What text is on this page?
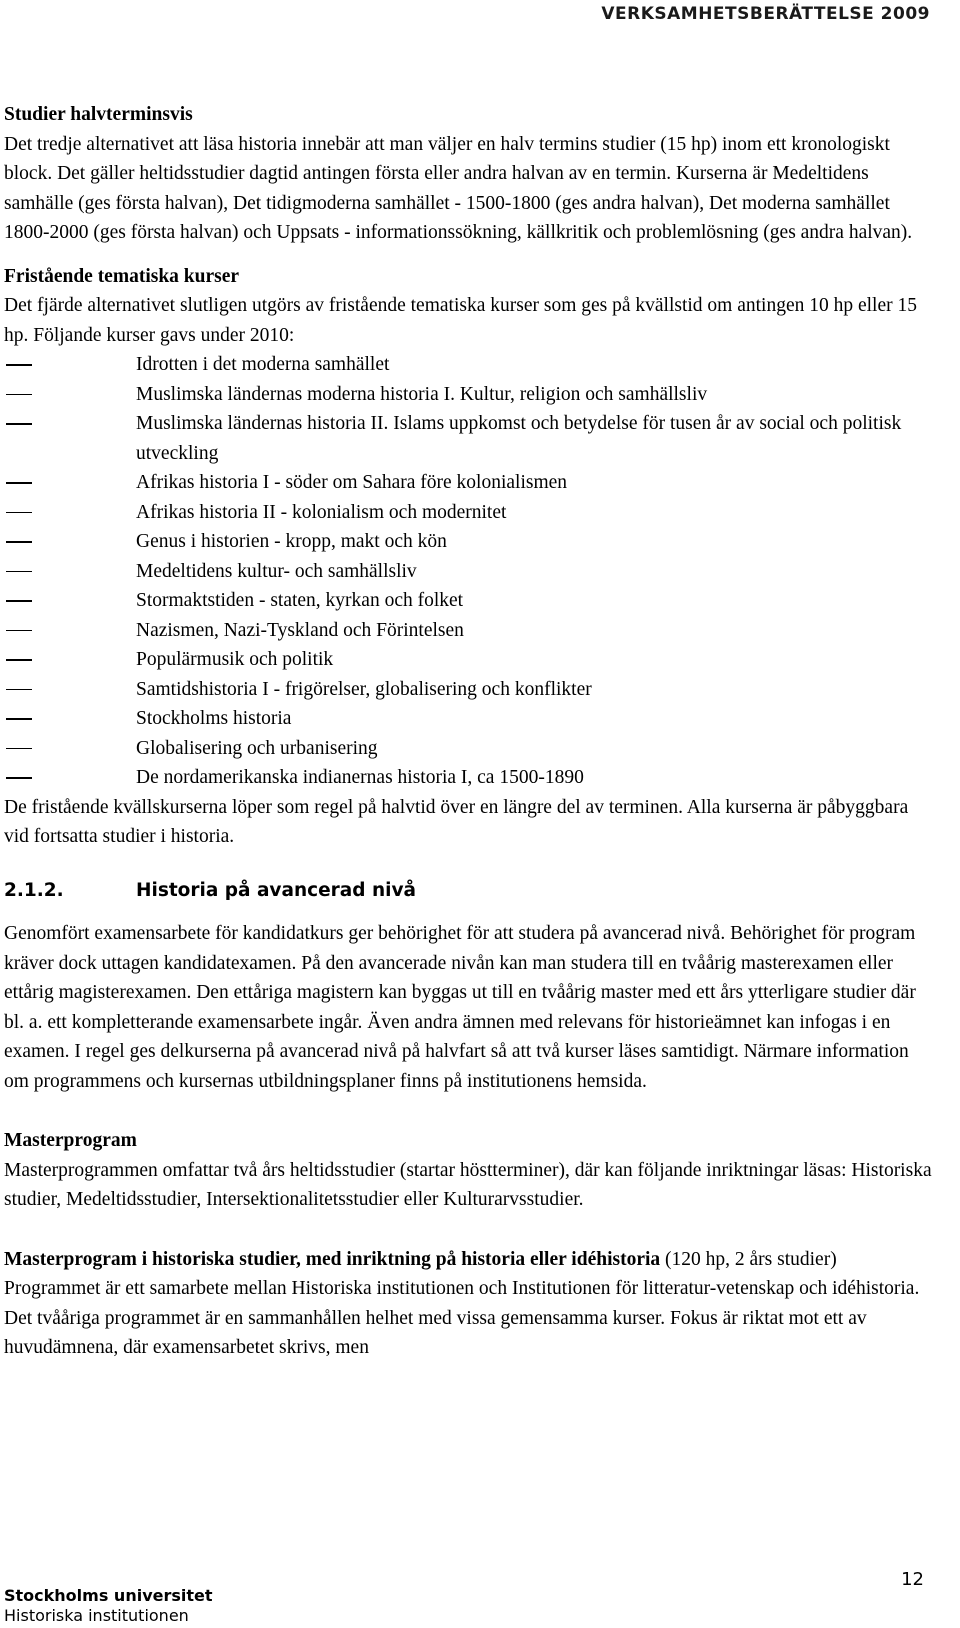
VERKSAMHETSBERÄTTELSE 2009

Studier halvterminsvis

Det tredje alternativet att läsa historia innebär att man väljer en halv termins studier (15 hp) inom ett kronologiskt block. Det gäller heltidsstudier dagtid antingen första eller andra halvan av en termin. Kurserna är Medeltidens samhälle (ges första halvan), Det tidigmoderna samhället - 1500-1800 (ges andra halvan), Det moderna samhället 1800-2000 (ges första halvan) och Uppsats - informationssökning, källkritik och problemlösning (ges andra halvan).

Fristående tematiska kurser

Det fjärde alternativet slutligen utgörs av fristående tematiska kurser som ges på kvällstid om antingen 10 hp eller 15 hp. Följande kurser gavs under 2010:

Idrotten i det moderna samhället
Muslimska ländernas moderna historia I. Kultur, religion och samhällsliv
Muslimska ländernas historia II. Islams uppkomst och betydelse för tusen år av social och politisk utveckling
Afrikas historia I - söder om Sahara före kolonialismen
Afrikas historia II - kolonialism och modernitet
Genus i historien - kropp, makt och kön
Medeltidens kultur- och samhällsliv
Stormaktstiden - staten, kyrkan och folket
Nazismen, Nazi-Tyskland och Förintelsen
Populärmusik och politik
Samtidshistoria I - frigörelser, globalisering och konflikter
Stockholms historia
Globalisering och urbanisering
De nordamerikanska indianernas historia I, ca 1500-1890

De fristående kvällskurserna löper som regel på halvtid över en längre del av terminen. Alla kurserna är påbyggbara vid fortsatta studier i historia.

2.1.2.	Historia på avancerad nivå

Genomfört examensarbete för kandidatkurs ger behörighet för att studera på avancerad nivå. Behörighet för program kräver dock uttagen kandidatexamen. På den avancerade nivån kan man studera till en tvåårig masterexamen eller ettårig magisterexamen. Den ettåriga magistern kan byggas ut till en tvåårig master med ett års ytterligare studier där bl. a. ett kompletterande examensarbete ingår. Även andra ämnen med relevans för historieämnet kan infogas i en examen. I regel ges delkurserna på avancerad nivå på halvfart så att två kurser läses samtidigt. Närmare information om programmens och kursernas utbildningsplaner finns på institutionens hemsida.

Masterprogram

Masterprogrammen omfattar två års heltidsstudier (startar höstterminer), där kan följande inriktningar läsas: Historiska studier, Medeltidsstudier, Intersektionalitetsstudier eller Kulturarvsstudier.

Masterprogram i historiska studier, med inriktning på historia eller idéhistoria (120 hp, 2 års studier)

Programmet är ett samarbete mellan Historiska institutionen och Institutionen för litteratur-vetenskap och idéhistoria. Det tvååriga programmet är en sammanhållen helhet med vissa gemensamma kurser. Fokus är riktat mot ett av huvudämnena, där examensarbetet skrivs, men

12
Stockholms universitet
Historiska institutionen
